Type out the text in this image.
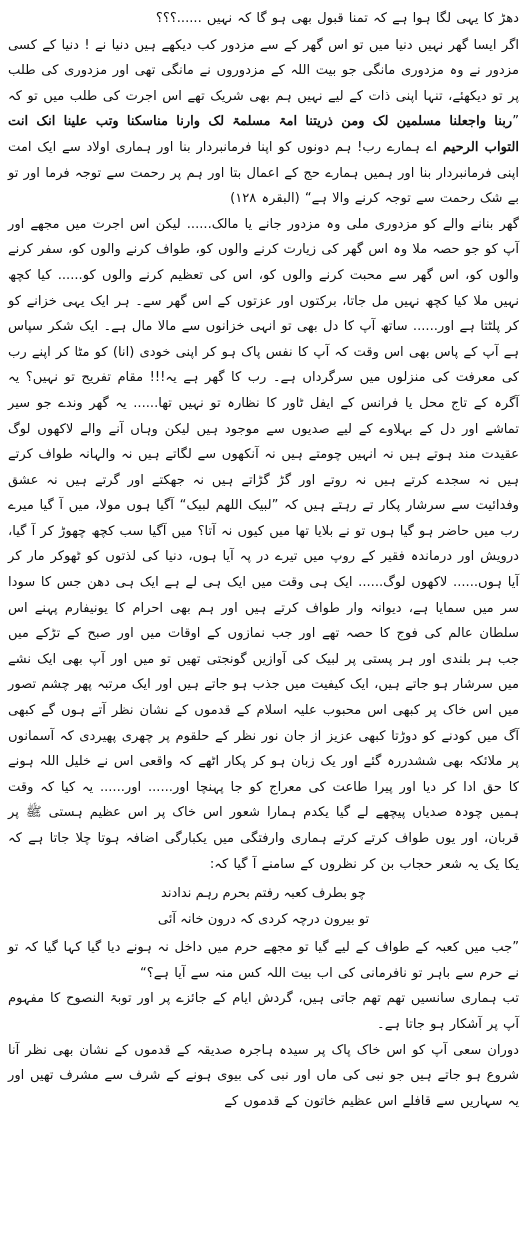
دھڑ کا یہی لگا ہوا ہے کہ تمنا قبول بھی ہو گا کہ نہیں ......؟؟؟

اگر ایسا گھر نہیں دنیا میں تو اس گھر کے سے مزدور کب دیکھے ہیں دنیا نے ! دنیا کے کسی مزدور نے وہ مزدوری مانگی جو بیت اللہ کے مزدوروں نے مانگی تھی اور مزدوری کی طلب پر تو دیکھئے، تنہا اپنی ذات کے لیے نہیں ہم بھی شریک تھے اس اجرت کی طلب میں تو کہ ”ربنا واجعلنا مسلمین لک ومن ذریتنا امۃ مسلمۃ لک وارنا مناسکنا وتب علینا انک انت التواب الرحیم اے ہمارے رب! ہم دونوں کو اپنا فرمانبردار بنا اور ہماری اولاد سے ایک امت اپنی فرمانبردار بنا اور ہمیں ہمارے حج کے اعمال بتا اور ہم پر رحمت سے توجہ فرما اور تو بے شک رحمت سے توجہ کرنے والا ہے“ (البقرہ ۱۲۸)

گھر بنانے والے کو مزدوری ملی وہ مزدور جانے یا مالک...... لیکن اس اجرت میں مجھے اور آپ کو جو حصہ ملا وہ اس گھر کی زیارت کرنے والوں کو، طواف کرنے والوں کو، سفر کرنے والوں کو، اس گھر سے محبت کرنے والوں کو، اس کی تعظیم کرنے والوں کو...... کیا کچھ نہیں ملا کیا کچھ نہیں مل جاتا، برکتوں اور عزتوں کے اس گھر سے۔ ہر ایک یہی خزانے کو کر پلٹتا ہے اور...... ساتھ آپ کا دل بھی تو انہی خزانوں سے مالا مال ہے۔ ایک شکر سپاس ہے آپ کے پاس بھی اس وقت کہ آپ کا نفس پاک ہو کر اپنی خودی (انا) کو مٹا کر اپنے رب کی معرفت کی منزلوں میں سرگرداں ہے۔ رب کا گھر ہے یہ!!! مقام تفریح تو نہیں؟ یہ آگرہ کے تاج محل یا فرانس کے ایفل ٹاور کا نظارہ تو نہیں تھا...... یہ گھر وندے جو سیر تماشے اور دل کے بہلاوے کے لیے صدیوں سے موجود ہیں لیکن وہاں آنے والے لاکھوں لوگ عقیدت مند ہوتے ہیں نہ انہیں چومتے ہیں نہ آنکھوں سے لگاتے ہیں نہ والہانہ طواف کرتے ہیں نہ سجدے کرتے ہیں نہ روتے اور گڑ گڑاتے ہیں نہ جھکتے اور گرتے ہیں نہ عشق وفدائیت سے سرشار پکار تے رہتے ہیں کہ ”لبیک اللھم لبیک“ آگیا ہوں مولا، میں آ گیا میرے رب میں حاضر ہو گیا ہوں تو نے بلایا تھا میں کیوں نہ آتا؟ میں آگیا سب کچھ چھوڑ کر آ گیا، درویش اور درماندہ فقیر کے روپ میں تیرے در پہ آیا ہوں، دنیا کی لذتوں کو ٹھوکر مار کر آیا ہوں...... لاکھوں لوگ...... ایک ہی وقت میں ایک ہی لے ہے ایک ہی دھن جس کا سودا سر میں سمایا ہے، دیوانہ وار طواف کرتے ہیں اور ہم بھی احرام کا یونیفارم پہنے اس سلطان عالم کی فوج کا حصہ تھے اور جب نمازوں کے اوقات میں اور صبح کے تڑکے میں جب ہر بلندی اور ہر پستی پر لبیک کی آوازیں گونجتی تھیں تو میں اور آپ بھی ایک نشے میں سرشار ہو جاتے ہیں، ایک کیفیت میں جذب ہو جاتے ہیں اور ایک مرتبہ پھر چشم تصور میں اس خاک پر کبھی اس محبوب علیہ اسلام کے قدموں کے نشان نظر آتے ہوں گے کبھی آگ میں کودنے کو دوڑتا کبھی عزیز از جان نور نظر کے حلقوم پر چھری پھیردی کہ آسمانوں پر ملائکہ بھی ششدررہ گئے اور یک زبان ہو کر پکار اٹھے کہ واقعی اس نے خلیل اللہ ہونے کا حق ادا کر دیا اور پیرا طاعت کی معراج کو جا پہنچا اور...... اور...... یہ کیا کہ وقت ہمیں چودہ صدیاں پیچھے لے گیا یکدم ہمارا شعور اس خاک پر اس عظیم ہستی ﷺ پر قربان، اور یوں طواف کرتے کرتے ہماری وارفتگی میں یکبارگی اضافہ ہوتا چلا جاتا ہے کہ یکا یک یہ شعر حجاب بن کر نظروں کے سامنے آ گیا کہ:

چو بطرف کعبہ رفتم بحرم رہم ندادند
تو بیرون درچہ کردی کہ درون خانہ آئی

”جب میں کعبہ کے طواف کے لیے گیا تو مجھے حرم میں داخل نہ ہونے دیا گیا کہا گیا کہ تو نے حرم سے باہر تو نافرمانی کی اب بیت اللہ کس منہ سے آیا ہے؟“

تب ہماری سانسیں تھم تھم جاتی ہیں، گردش ایام کے جائزے پر اور توبۃ النصوح کا مفہوم آپ پر آشکار ہو جاتا ہے۔

دوران سعی آپ کو اس خاک پاک پر سیدہ ہاجرہ صدیقہ کے قدموں کے نشان بھی نظر آنا شروع ہو جاتے ہیں جو نبی کی ماں اور نبی کی بیوی ہونے کے شرف سے مشرف تھیں اور یہ سہاریں سے قافلے اس عظیم خاتون کے قدموں کے
